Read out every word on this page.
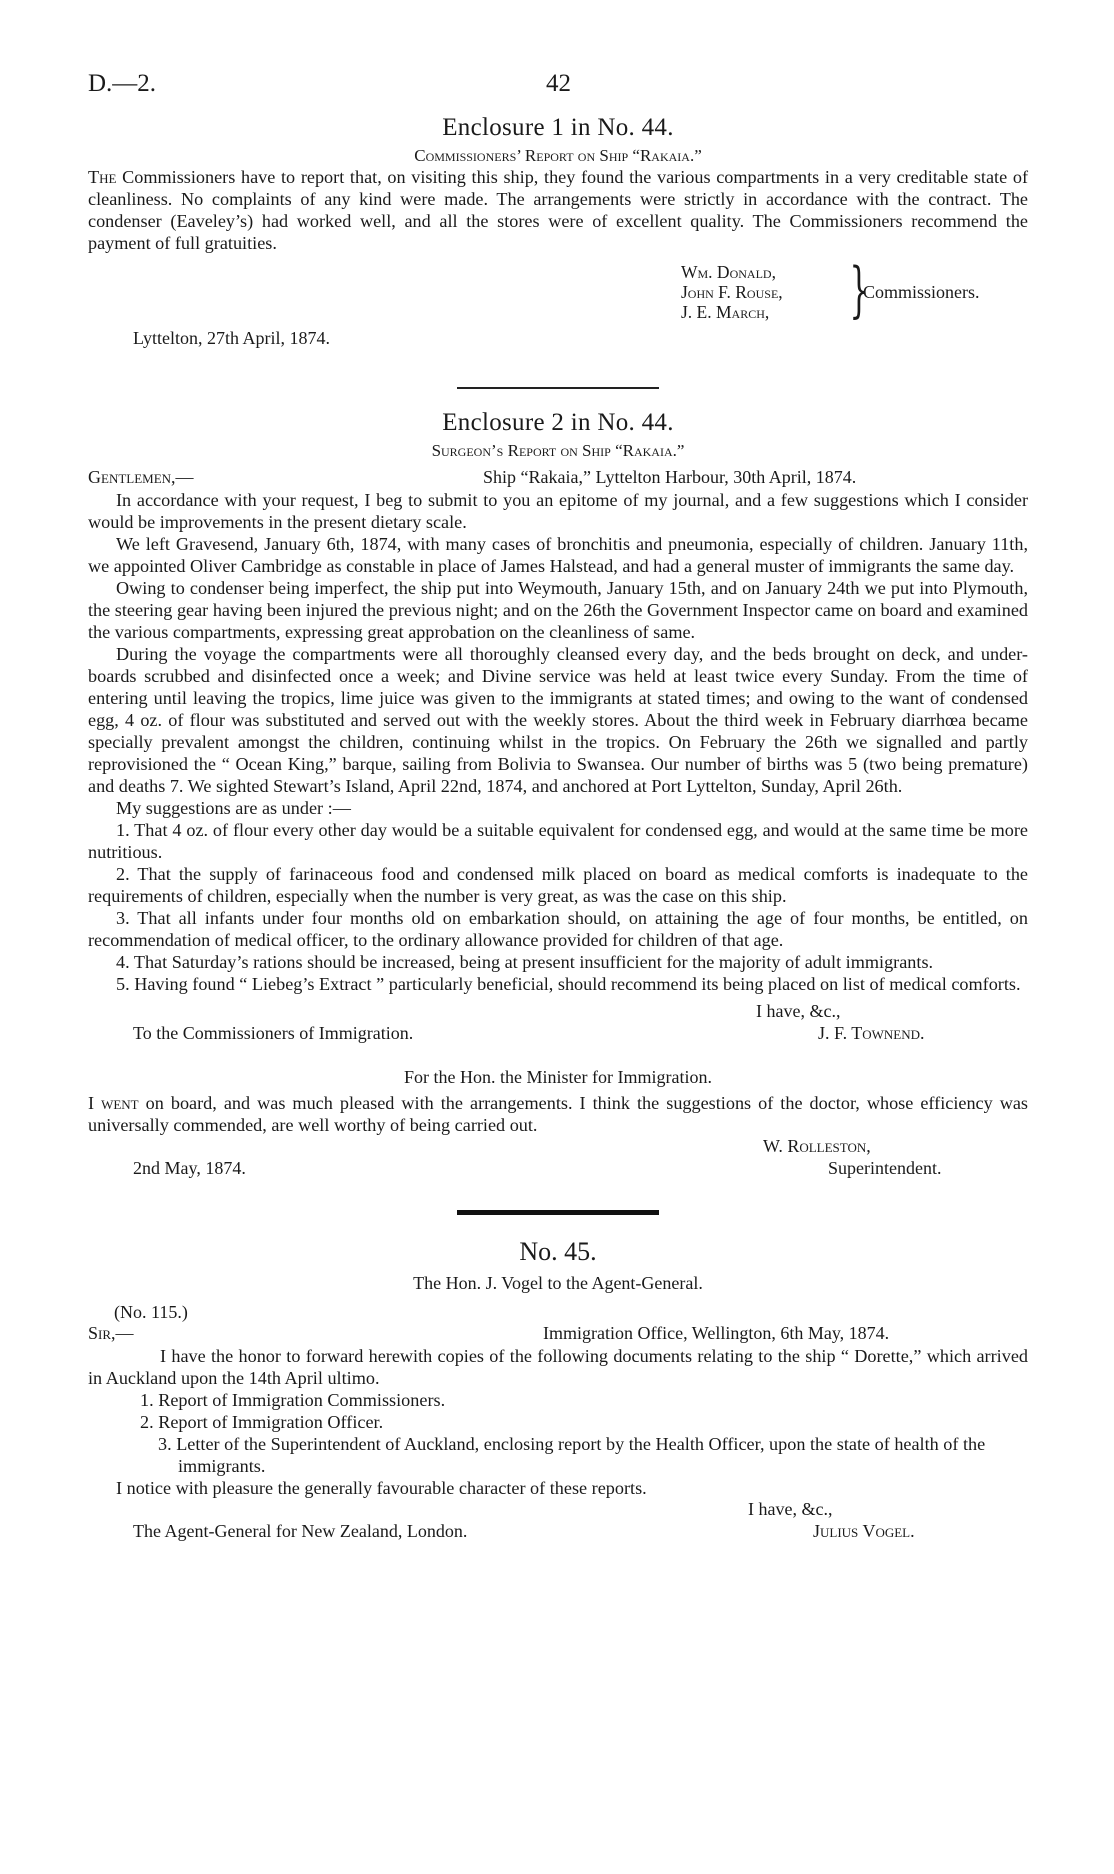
D.—2.	42
Enclosure 1 in No. 44.
Commissioners’ Report on Ship “Rakaia.”

The Commissioners have to report that, on visiting this ship, they found the various compartments in a very creditable state of cleanliness. No complaints of any kind were made. The arrangements were strictly in accordance with the contract. The condenser (Eaveley’s) had worked well, and all the stores were of excellent quality. The Commissioners recommend the payment of full gratuities.

Wm. Donald,
John F. Rouse,
J. E. March, }
Commissioners.
Lyttelton, 27th April, 1874.
Enclosure 2 in No. 44.
Surgeon’s Report on Ship “Rakaia.”
Gentlemen,—	Ship “Rakaia,” Lyttelton Harbour, 30th April, 1874.

In accordance with your request, I beg to submit to you an epitome of my journal, and a few suggestions which I consider would be improvements in the present dietary scale.

We left Gravesend, January 6th, 1874, with many cases of bronchitis and pneumonia, especially of children. January 11th, we appointed Oliver Cambridge as constable in place of James Halstead, and had a general muster of immigrants the same day.

Owing to condenser being imperfect, the ship put into Weymouth, January 15th, and on January 24th we put into Plymouth, the steering gear having been injured the previous night; and on the 26th the Government Inspector came on board and examined the various compartments, expressing great approbation on the cleanliness of same.

During the voyage the compartments were all thoroughly cleansed every day, and the beds brought on deck, and under-boards scrubbed and disinfected once a week; and Divine service was held at least twice every Sunday. From the time of entering until leaving the tropics, lime juice was given to the immigrants at stated times; and owing to the want of condensed egg, 4 oz. of flour was substituted and served out with the weekly stores. About the third week in February diarrhœa became specially prevalent amongst the children, continuing whilst in the tropics. On February the 26th we signalled and partly reprovisioned the “ Ocean King,” barque, sailing from Bolivia to Swansea. Our number of births was 5 (two being premature) and deaths 7. We sighted Stewart’s Island, April 22nd, 1874, and anchored at Port Lyttelton, Sunday, April 26th.

My suggestions are as under :—

1. That 4 oz. of flour every other day would be a suitable equivalent for condensed egg, and would at the same time be more nutritious.

2. That the supply of farinaceous food and condensed milk placed on board as medical comforts is inadequate to the requirements of children, especially when the number is very great, as was the case on this ship.

3. That all infants under four months old on embarkation should, on attaining the age of four months, be entitled, on recommendation of medical officer, to the ordinary allowance provided for children of that age.

4. That Saturday’s rations should be increased, being at present insufficient for the majority of adult immigrants.

5. Having found “ Liebeg’s Extract ” particularly beneficial, should recommend its being placed on list of medical comforts.

I have, &c.,
To the Commissioners of Immigration.	J. F. Townend.
For the Hon. the Minister for Immigration.

I went on board, and was much pleased with the arrangements. I think the suggestions of the doctor, whose efficiency was universally commended, are well worthy of being carried out.

W. Rolleston,
2nd May, 1874.	Superintendent.
No. 45.
The Hon. J. Vogel to the Agent-General.
(No. 115.)
Sir,—	Immigration Office, Wellington, 6th May, 1874.

I have the honor to forward herewith copies of the following documents relating to the ship “ Dorette,” which arrived in Auckland upon the 14th April ultimo.

1. Report of Immigration Commissioners.
2. Report of Immigration Officer.
3. Letter of the Superintendent of Auckland, enclosing report by the Health Officer, upon the state of health of the immigrants.

I notice with pleasure the generally favourable character of these reports.

I have, &c.,
The Agent-General for New Zealand, London.	Julius Vogel.
